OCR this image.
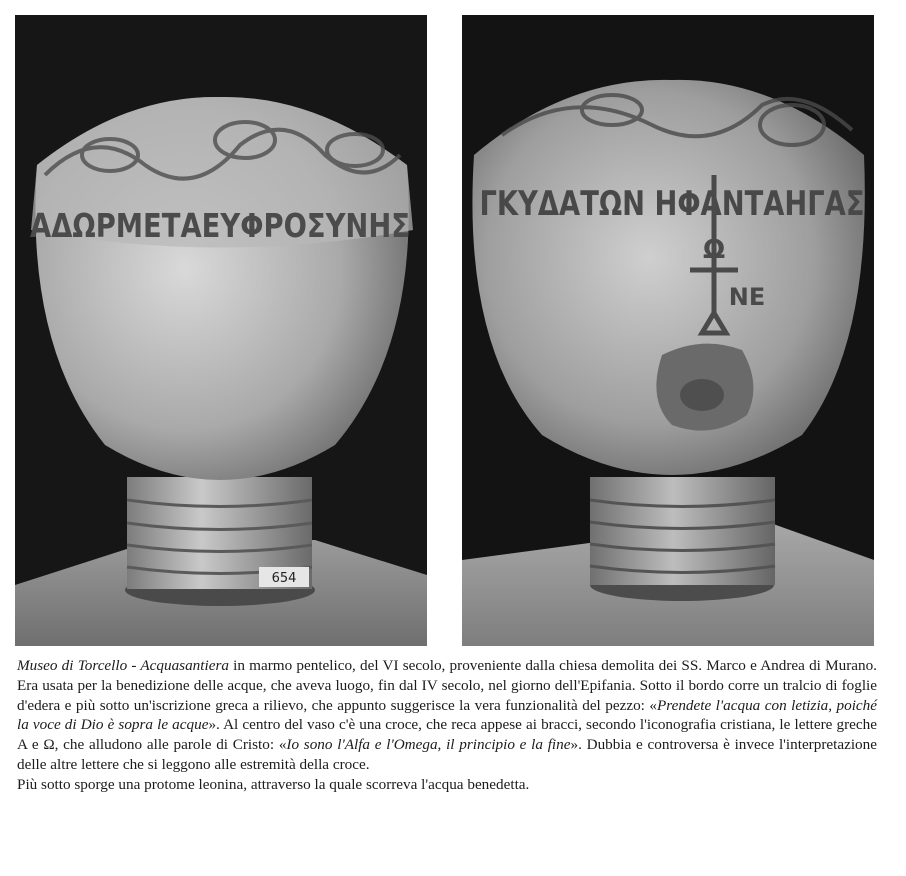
ΑΔΩΡΜΕΤΑΕΥΦΡΟΣΥΝΗΣ
654
ΓΚΥΔΑΤΩΝ ΗΦΑΝΤΑΗΓΑΣ
Ω
ΝΕ

Museo di Torcello - Acquasantiera in marmo pentelico, del VI secolo, proveniente dalla chiesa demolita dei SS. Marco e Andrea di Murano. Era usata per la benedizione delle acque, che aveva luogo, fin dal IV secolo, nel giorno dell'Epifania. Sotto il bordo corre un tralcio di foglie d'edera e più sotto un'iscrizione greca a rilievo, che appunto suggerisce la vera funzionalità del pezzo: «Prendete l'acqua con letizia, poiché la voce di Dio è sopra le acque». Al centro del vaso c'è una croce, che reca appese ai bracci, secondo l'iconografia cristiana, le lettere greche Α e Ω, che alludono alle parole di Cristo: «Io sono l'Alfa e l'Omega, il principio e la fine». Dubbia e controversa è invece l'interpretazione delle altre lettere che si leggono alle estremità della croce.

Più sotto sporge una protome leonina, attraverso la quale scorreva l'acqua benedetta.
